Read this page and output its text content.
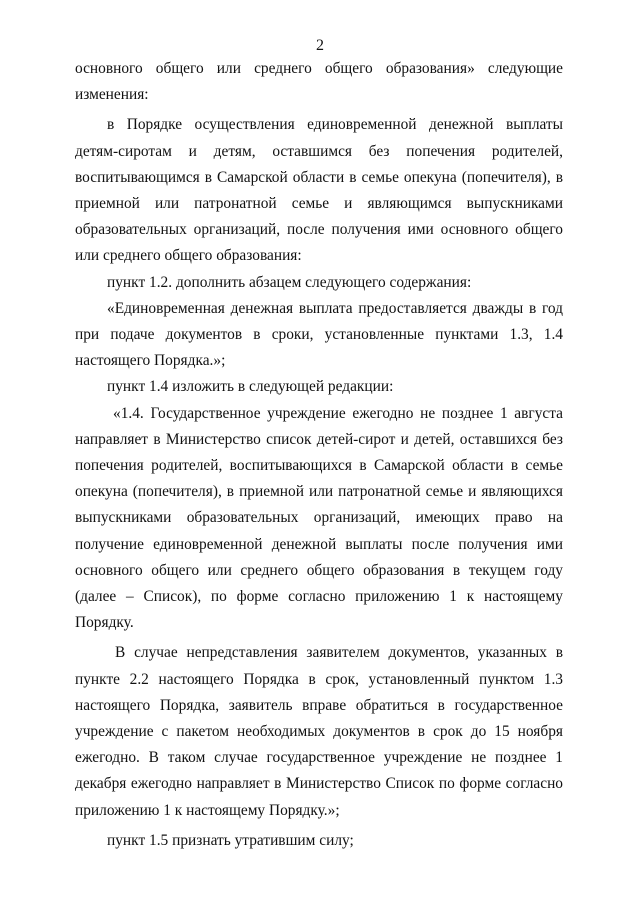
2

основного общего или среднего общего образования» следующие изменения:

в Порядке осуществления единовременной денежной выплаты детям-сиротам и детям, оставшимся без попечения родителей, воспитывающимся в Самарской области в семье опекуна (попечителя), в приемной или патронатной семье и являющимся выпускниками образовательных организаций, после получения ими основного общего или среднего общего образования:

пункт 1.2. дополнить абзацем следующего содержания:

«Единовременная денежная выплата предоставляется дважды в год при подаче документов в сроки, установленные пунктами 1.3, 1.4 настоящего Порядка.»;

пункт 1.4 изложить в следующей редакции:

«1.4. Государственное учреждение ежегодно не позднее 1 августа направляет в Министерство список детей-сирот и детей, оставшихся без попечения родителей, воспитывающихся в Самарской области в семье опекуна (попечителя), в приемной или патронатной семье и являющихся выпускниками образовательных организаций, имеющих право на получение единовременной денежной выплаты после получения ими основного общего или среднего общего образования в текущем году (далее – Список), по форме согласно приложению 1 к настоящему Порядку.

В случае непредставления заявителем документов, указанных в пункте 2.2 настоящего Порядка в срок, установленный пунктом 1.3 настоящего Порядка, заявитель вправе обратиться в государственное учреждение с пакетом необходимых документов в срок до 15 ноября ежегодно. В таком случае государственное учреждение не позднее 1 декабря ежегодно направляет в Министерство Список по форме согласно приложению 1 к настоящему Порядку.»;

пункт 1.5 признать утратившим силу;
